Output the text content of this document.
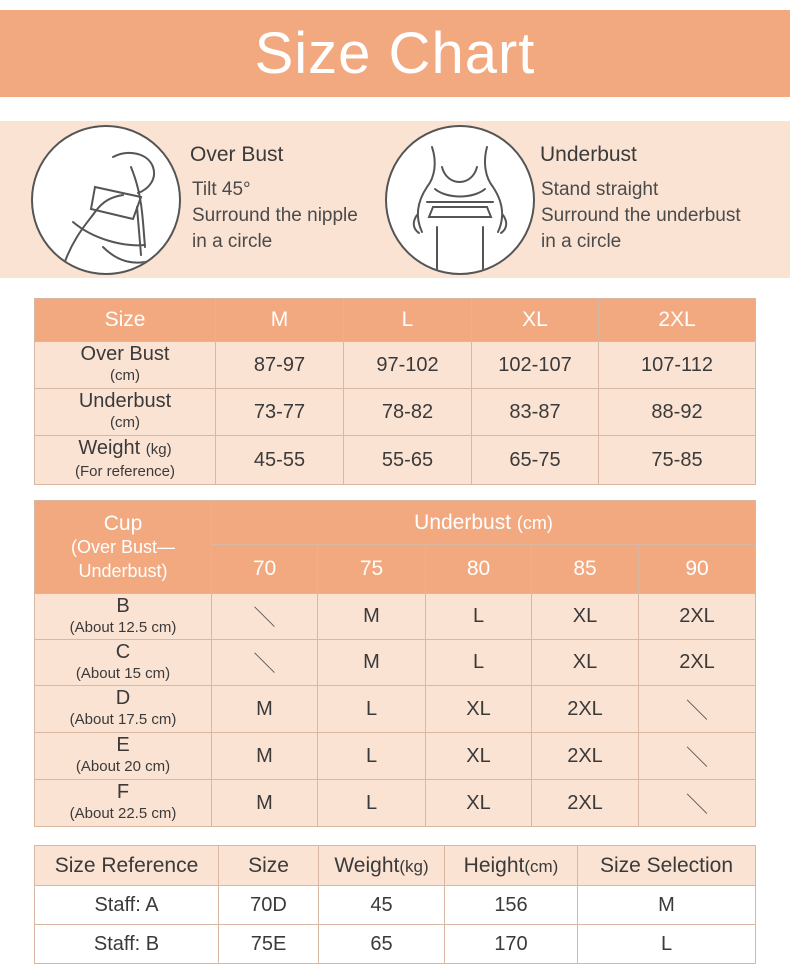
Size Chart
Over Bust
Tilt 45°
Surround the nipple
in a circle
Underbust
Stand straight
Surround the underbust
in a circle
Size	M	L	XL	2XL
Over Bust
(cm)	87-97	97-102	102-107	107-112
Underbust
(cm)	73-77	78-82	83-87	88-92
Weight (kg)
(For reference)	45-55	55-65	65-75	75-85
Cup
(Over Bust—
Underbust)	Underbust (cm)				
	70	75	80	85	90
B
(About 12.5 cm)	＼	M	L	XL	2XL
C
(About 15 cm)	＼	M	L	XL	2XL
D
(About 17.5 cm)	M	L	XL	2XL	＼
E
(About 20 cm)	M	L	XL	2XL	＼
F
(About 22.5 cm)	M	L	XL	2XL	＼
Size Reference	Size	Weight(kg)	Height(cm)	Size Selection
Staff: A	70D	45	156	M
Staff: B	75E	65	170	L
